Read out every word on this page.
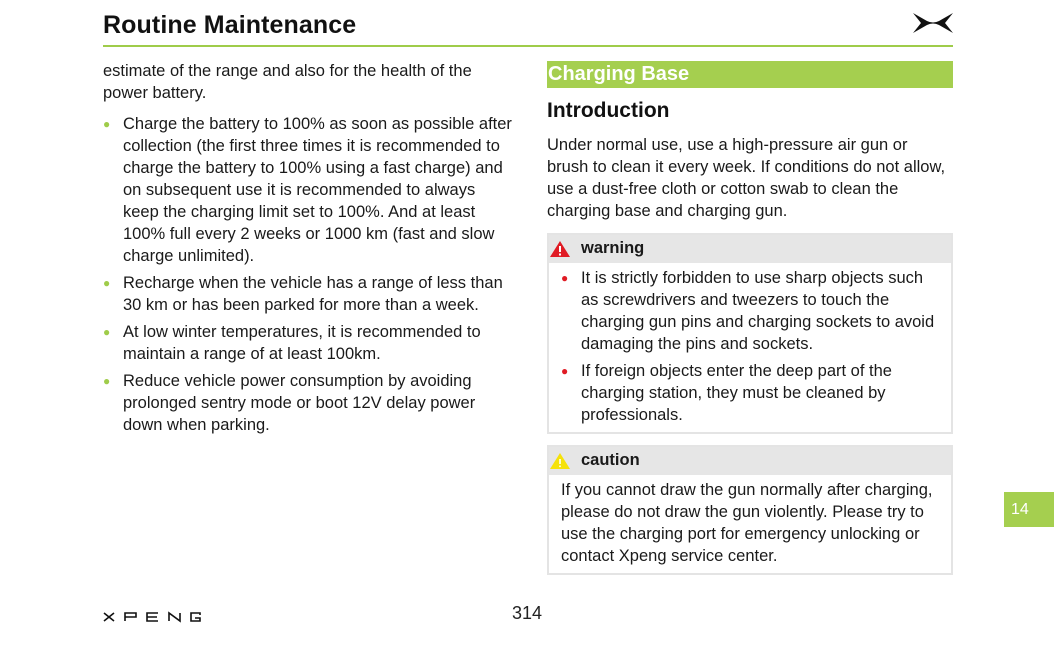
Routine Maintenance

estimate of the range and also for the health of the power battery.

● Charge the battery to 100% as soon as possible after collection (the first three times it is recommended to charge the battery to 100% using a fast charge) and on subsequent use it is recommended to always keep the charging limit set to 100%. And at least 100% full every 2 weeks or 1000 km (fast and slow charge unlimited).
● Recharge when the vehicle has a range of less than 30 km or has been parked for more than a week.
● At low winter temperatures, it is recommended to maintain a range of at least 100km.
● Reduce vehicle power consumption by avoiding prolonged sentry mode or boot 12V delay power down when parking.
Charging Base
Introduction

Under normal use, use a high-pressure air gun or brush to clean it every week. If conditions do not allow, use a dust-free cloth or cotton swab to clean the charging base and charging gun.

warning
● It is strictly forbidden to use sharp objects such as screwdrivers and tweezers to touch the charging gun pins and charging sockets to avoid damaging the pins and sockets.
● If foreign objects enter the deep part of the charging station, they must be cleaned by professionals.
caution

If you cannot draw the gun normally after charging, please do not draw the gun violently. Please try to use the charging port for emergency unlocking or contact Xpeng service center.

314
14
